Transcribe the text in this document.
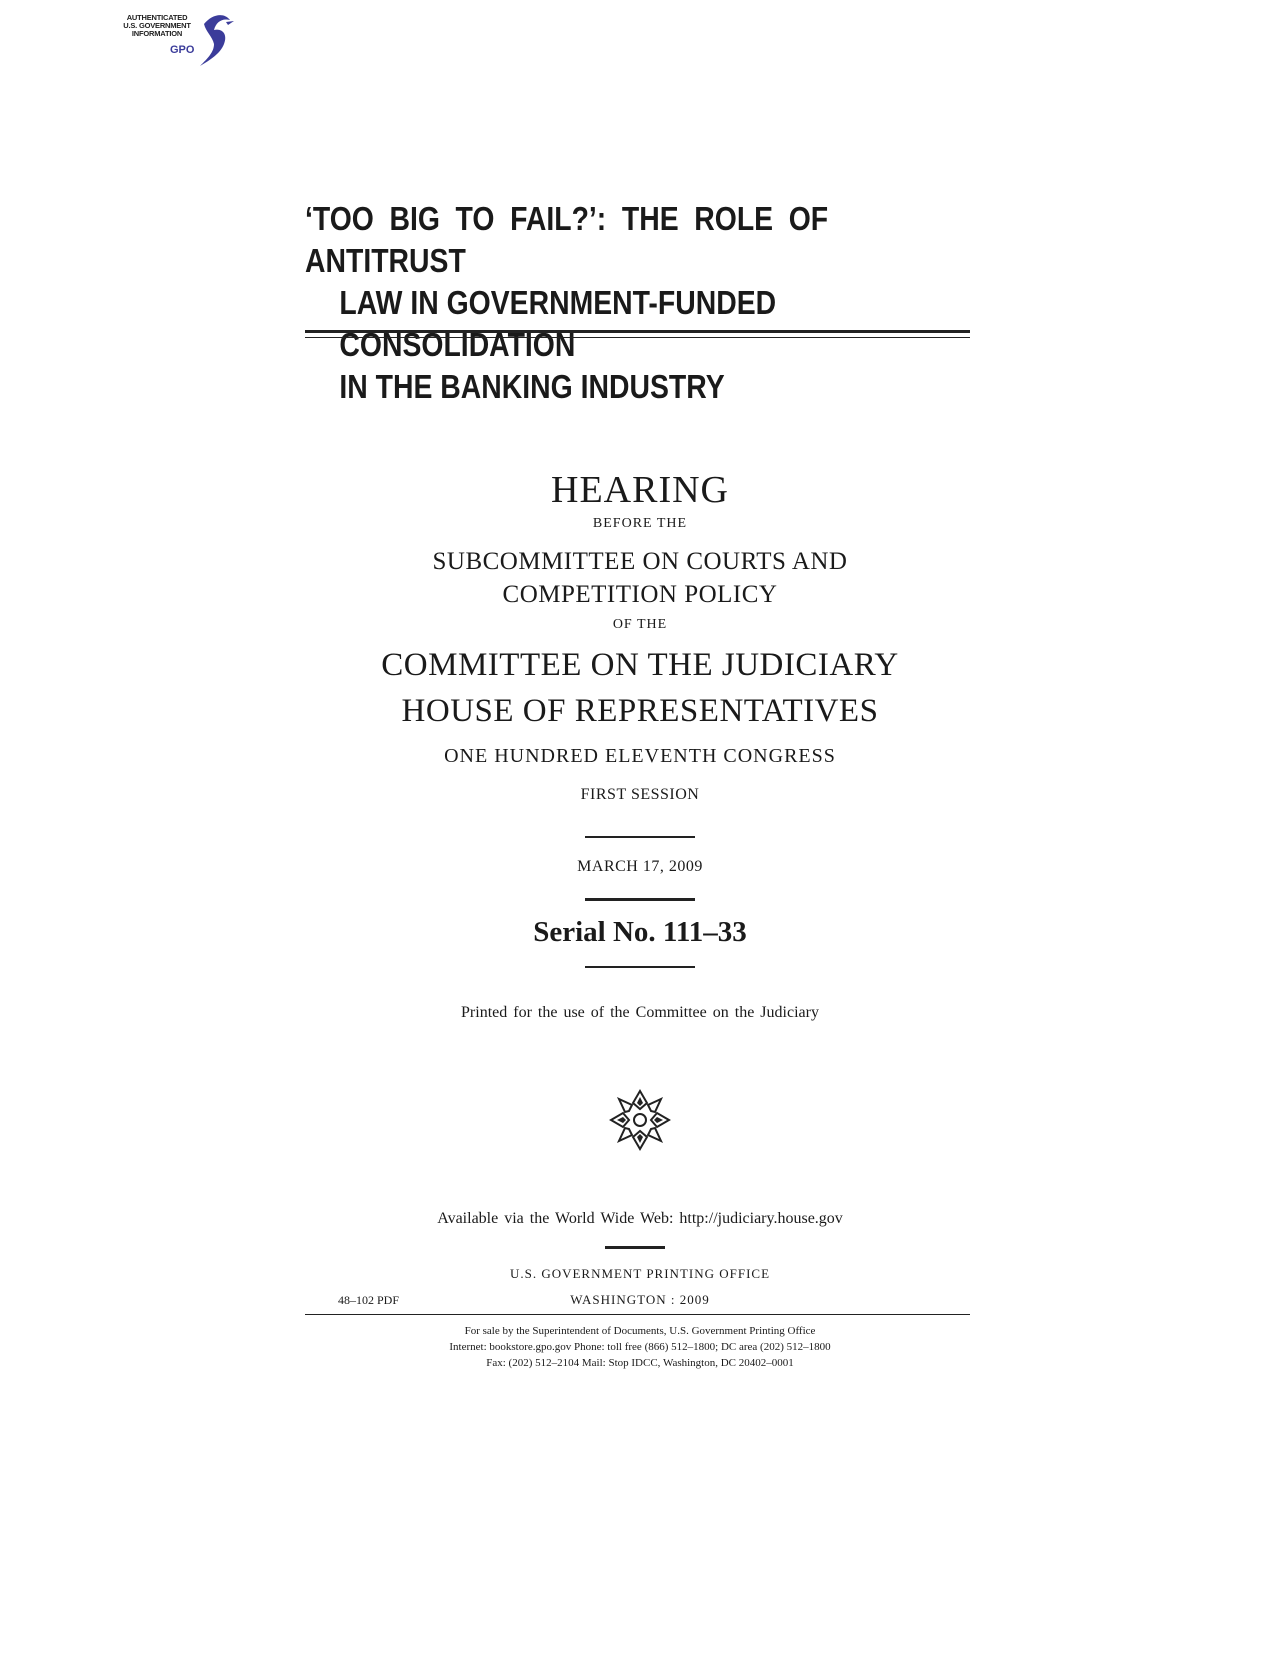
AUTHENTICATED
U.S. GOVERNMENT
INFORMATION
GPO
‘TOO BIG TO FAIL?’: THE ROLE OF ANTITRUST
LAW IN GOVERNMENT-FUNDED CONSOLIDATION
IN THE BANKING INDUSTRY
HEARING
BEFORE THE
SUBCOMMITTEE ON COURTS AND
COMPETITION POLICY
OF THE
COMMITTEE ON THE JUDICIARY
HOUSE OF REPRESENTATIVES
ONE HUNDRED ELEVENTH CONGRESS
FIRST SESSION
MARCH 17, 2009
Serial No. 111–33
Printed for the use of the Committee on the Judiciary
Available via the World Wide Web: http://judiciary.house.gov
U.S. GOVERNMENT PRINTING OFFICE
48–102 PDF	WASHINGTON : 2009
For sale by the Superintendent of Documents, U.S. Government Printing Office
Internet: bookstore.gpo.gov Phone: toll free (866) 512–1800; DC area (202) 512–1800
Fax: (202) 512–2104 Mail: Stop IDCC, Washington, DC 20402–0001
